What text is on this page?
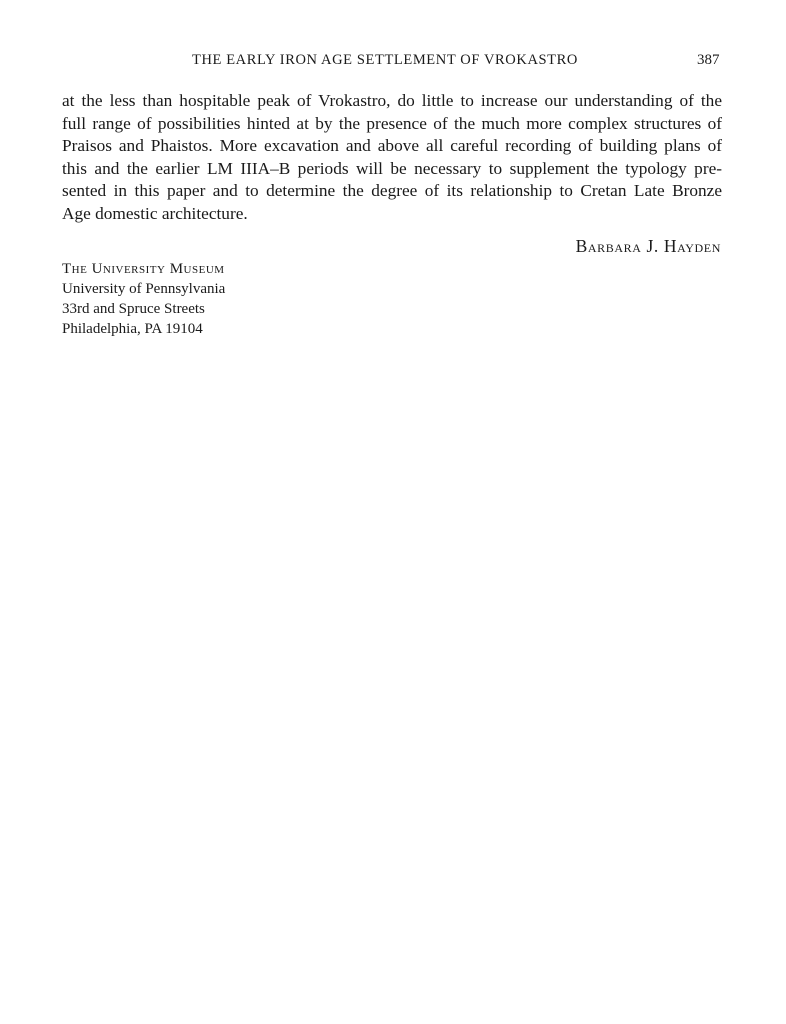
THE EARLY IRON AGE SETTLEMENT OF VROKASTRO	387

at the less than hospitable peak of Vrokastro, do little to increase our understanding of the
full range of possibilities hinted at by the presence of the much more complex structures of
Praisos and Phaistos. More excavation and above all careful recording of building plans of
this and the earlier LM IIIA–B periods will be necessary to supplement the typology pre-
sented in this paper and to determine the degree of its relationship to Cretan Late Bronze
Age domestic architecture.

Barbara J. Hayden
The University Museum
University of Pennsylvania
33rd and Spruce Streets
Philadelphia, PA 19104
